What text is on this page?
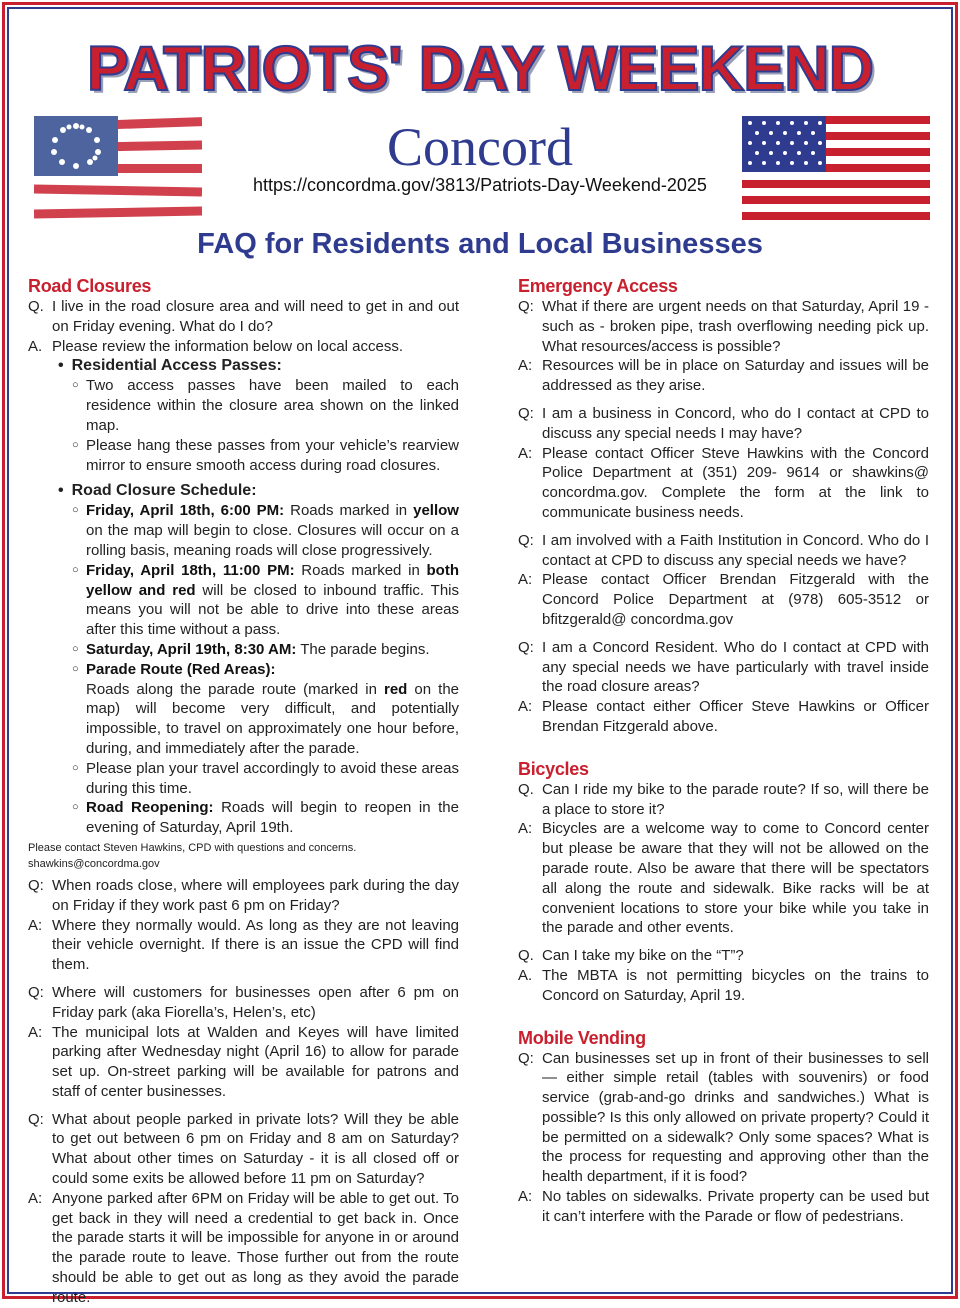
PATRIOTS' DAY WEEKEND
Concord
https://concordma.gov/3813/Patriots-Day-Weekend-2025
FAQ for Residents and Local Businesses
Road Closures
Q. I live in the road closure area and will need to get in and out on Friday evening. What do I do?
A. Please review the information below on local access.
• Residential Access Passes:
○ Two access passes have been mailed to each residence within the closure area shown on the linked map.
○ Please hang these passes from your vehicle’s rearview mirror to ensure smooth access during road closures.
• Road Closure Schedule:
○ Friday, April 18th, 6:00 PM: Roads marked in yellow on the map will begin to close. Closures will occur on a rolling basis, meaning roads will close progressively.
○ Friday, April 18th, 11:00 PM: Roads marked in both yellow and red will be closed to inbound traffic. This means you will not be able to drive into these areas after this time without a pass.
○ Saturday, April 19th, 8:30 AM: The parade begins.
○ Parade Route (Red Areas):
Roads along the parade route (marked in red on the map) will become very difficult, and potentially impossible, to travel on approximately one hour before, during, and immediately after the parade.
○ Please plan your travel accordingly to avoid these areas during this time.
○ Road Reopening: Roads will begin to reopen in the evening of Saturday, April 19th.
Please contact Steven Hawkins, CPD with questions and concerns. shawkins@concordma.gov
Q: When roads close, where will employees park during the day on Friday if they work past 6 pm on Friday?
A: Where they normally would. As long as they are not leaving their vehicle overnight. If there is an issue the CPD will find them.
Q: Where will customers for businesses open after 6 pm on Friday park (aka Fiorella’s, Helen’s, etc)
A: The municipal lots at Walden and Keyes will have limited parking after Wednesday night (April 16) to allow for parade set up. On-street parking will be available for patrons and staff of center businesses.
Q: What about people parked in private lots? Will they be able to get out between 6 pm on Friday and 8 am on Saturday? What about other times on Saturday - it is all closed off or could some exits be allowed before 11 pm on Saturday?
A: Anyone parked after 6PM on Friday will be able to get out. To get back in they will need a credential to get back in. Once the parade starts it will be impossible for anyone in or around the parade route to leave. Those further out from the route should be able to get out as long as they avoid the parade route.
Emergency Access
Q: What if there are urgent needs on that Saturday, April 19 - such as - broken pipe, trash overflowing needing pick up. What resources/access is possible?
A: Resources will be in place on Saturday and issues will be addressed as they arise.
Q: I am a business in Concord, who do I contact at CPD to discuss any special needs I may have?
A: Please contact Officer Steve Hawkins with the Concord Police Department at (351) 209- 9614 or shawkins@ concordma.gov. Complete the form at the link to communicate business needs.
Q: I am involved with a Faith Institution in Concord. Who do I contact at CPD to discuss any special needs we have?
A: Please contact Officer Brendan Fitzgerald with the Concord Police Department at (978) 605-3512 or bfitzgerald@ concordma.gov
Q: I am a Concord Resident. Who do I contact at CPD with any special needs we have particularly with travel inside the road closure areas?
A: Please contact either Officer Steve Hawkins or Officer Brendan Fitzgerald above.
Bicycles
Q. Can I ride my bike to the parade route? If so, will there be a place to store it?
A: Bicycles are a welcome way to come to Concord center but please be aware that they will not be allowed on the parade route. Also be aware that there will be spectators all along the route and sidewalk. Bike racks will be at convenient locations to store your bike while you take in the parade and other events.
Q. Can I take my bike on the “T”?
A. The MBTA is not permitting bicycles on the trains to Concord on Saturday, April 19.
Mobile Vending
Q: Can businesses set up in front of their businesses to sell — either simple retail (tables with souvenirs) or food service (grab-and-go drinks and sandwiches.) What is possible? Is this only allowed on private property? Could it be permitted on a sidewalk? Only some spaces? What is the process for requesting and approving other than the health department, if it is food?
A: No tables on sidewalks. Private property can be used but it can’t interfere with the Parade or flow of pedestrians.
